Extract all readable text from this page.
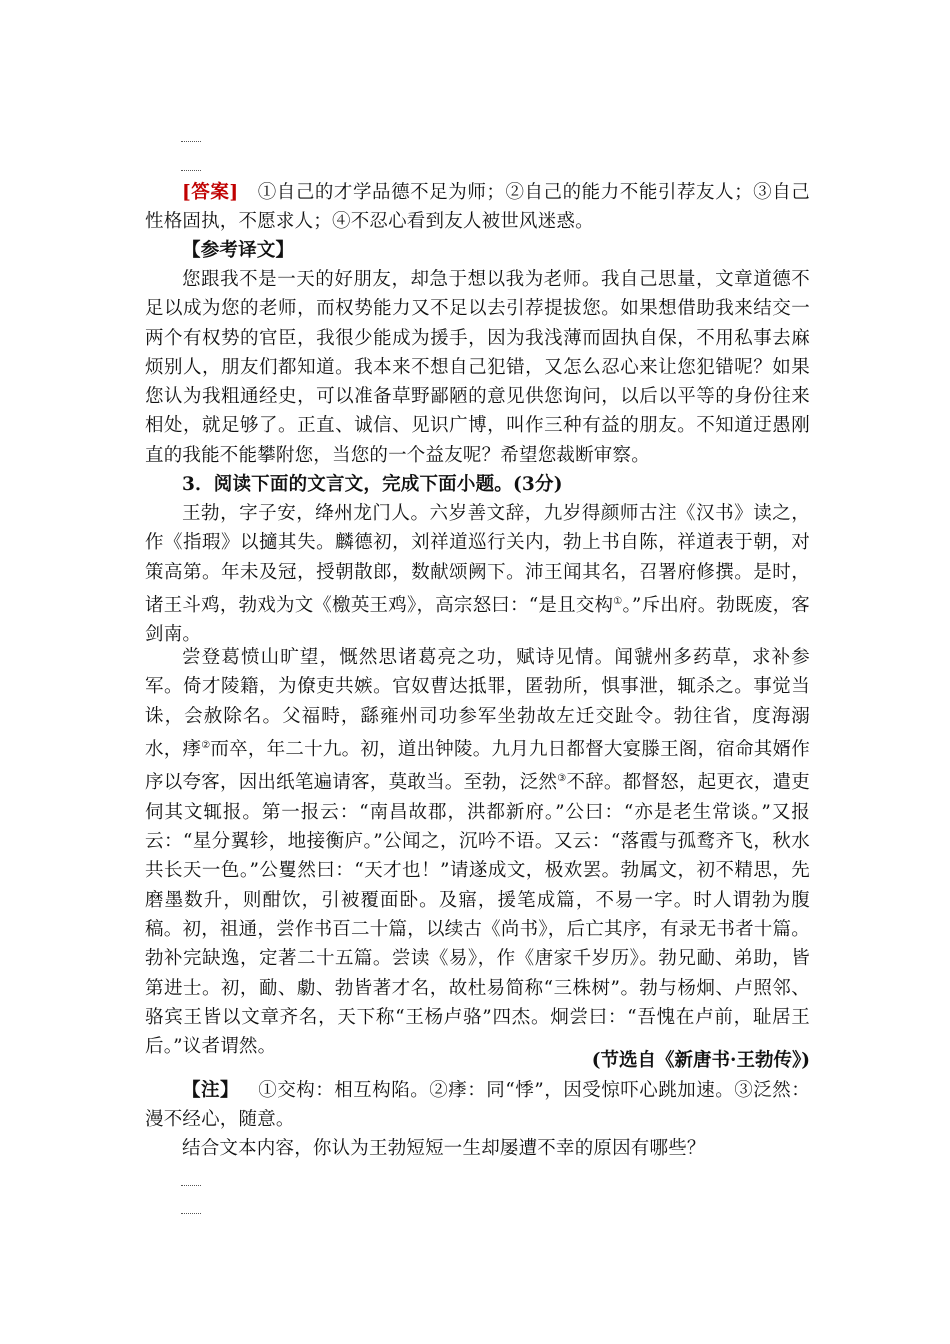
[答案] ①自己的才学品德不足为师；②自己的能力不能引荐友人；③自己性格固执，不愿求人；④不忍心看到友人被世风迷惑。
【参考译文】
您跟我不是一天的好朋友，却急于想以我为老师。我自己思量，文章道德不足以成为您的老师，而权势能力又不足以去引荐提拔您。如果想借助我来结交一两个有权势的官臣，我很少能成为援手，因为我浅薄而固执自保，不用私事去麻烦别人，朋友们都知道。我本来不想自己犯错，又怎么忍心来让您犯错呢？如果您认为我粗通经史，可以准备草野鄙陋的意见供您询问，以后以平等的身份往来相处，就足够了。正直、诚信、见识广博，叫作三种有益的朋友。不知道迂愚刚直的我能不能攀附您，当您的一个益友呢？希望您裁断审察。
3．阅读下面的文言文，完成下面小题。(3分)
王勃，字子安，绛州龙门人。六岁善文辞，九岁得颜师古注《汉书》读之，作《指瑕》以擿其失。麟德初，刘祥道巡行关内，勃上书自陈，祥道表于朝，对策高第。年未及冠，授朝散郎，数献颂阙下。沛王闻其名，召署府修撰。是时，诸王斗鸡，勃戏为文《檄英王鸡》，高宗怒曰：“是且交构①。”斥出府。勃既废，客剑南。
尝登葛愤山旷望，慨然思诸葛亮之功，赋诗见情。闻虢州多药草，求补参军。倚才陵籍，为僚吏共嫉。官奴曹达抵罪，匿勃所，惧事泄，辄杀之。事觉当诛，会赦除名。父福畤，繇雍州司功参军坐勃故左迁交趾令。勃往省，度海溺水，痵②而卒，年二十九。初，道出钟陵。九月九日都督大宴滕王阁，宿命其婿作序以夸客，因出纸笔遍请客，莫敢当。至勃，泛然③不辞。都督怒，起更衣，遣吏伺其文辄报。第一报云：“南昌故郡，洪都新府。”公曰：“亦是老生常谈。”又报云：“星分翼轸，地接衡庐。”公闻之，沉吟不语。又云：“落霞与孤鹜齐飞，秋水共长天一色。”公矍然曰：“天才也！”请遂成文，极欢罢。勃属文，初不精思，先磨墨数升，则酣饮，引被覆面卧。及寤，援笔成篇，不易一字。时人谓勃为腹稿。初，祖通，尝作书百二十篇，以续古《尚书》，后亡其序，有录无书者十篇。勃补完缺逸，定著二十五篇。尝读《易》，作《唐家千岁历》。勃兄勔、弟助，皆第进士。初，勔、勮、勃皆著才名，故杜易简称“三株树”。勃与杨炯、卢照邻、骆宾王皆以文章齐名，天下称“王杨卢骆”四杰。炯尝曰：“吾愧在卢前，耻居王后。”议者谓然。
(节选自《新唐书·王勃传》)
【注】 ①交构：相互构陷。②痵：同“悸”，因受惊吓心跳加速。③泛然：漫不经心，随意。
结合文本内容，你认为王勃短短一生却屡遭不幸的原因有哪些？
